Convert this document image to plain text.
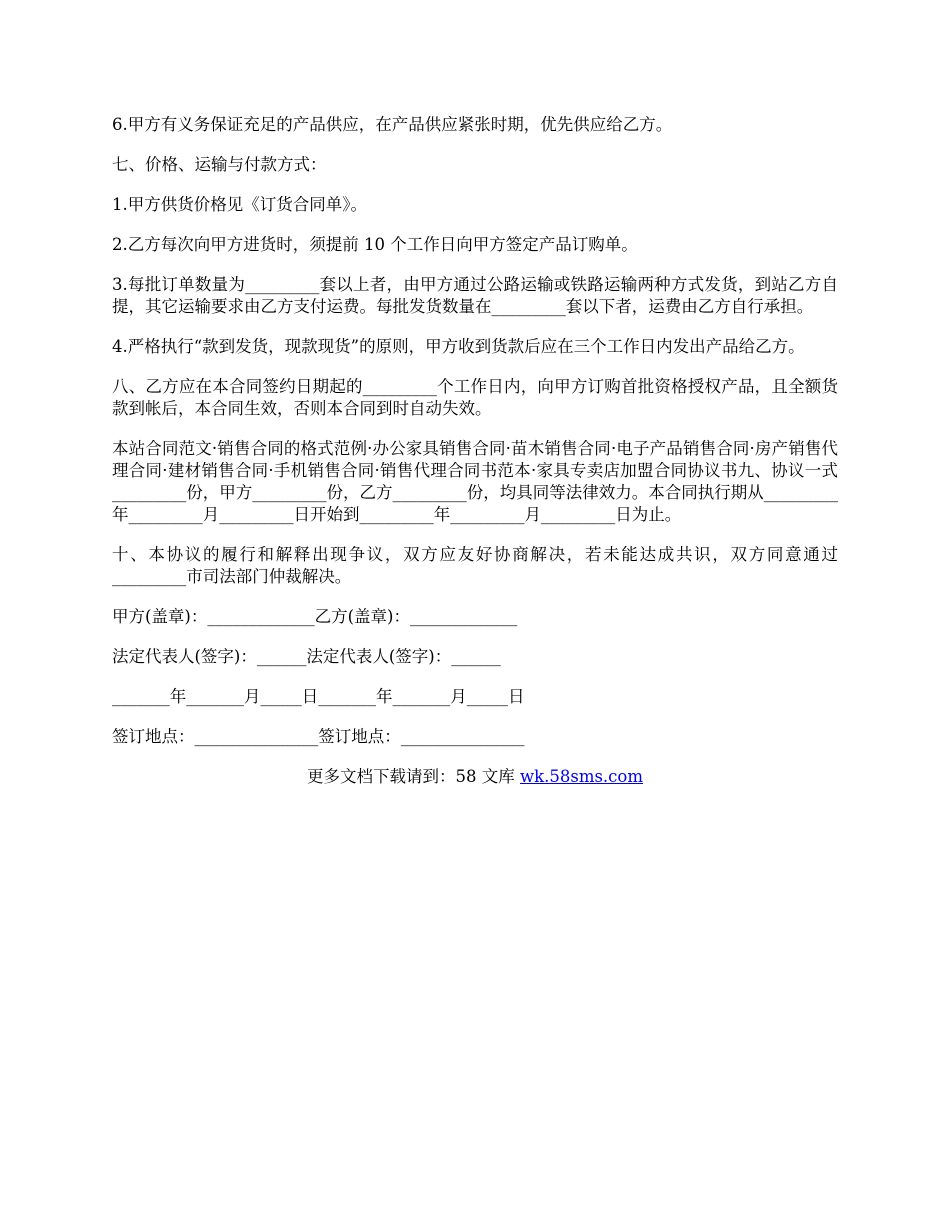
6.甲方有义务保证充足的产品供应，在产品供应紧张时期，优先供应给乙方。

七、价格、运输与付款方式：

1.甲方供货价格见《订货合同单》。

2.乙方每次向甲方进货时，须提前 10 个工作日向甲方签定产品订购单。

3.每批订单数量为_________套以上者，由甲方通过公路运输或铁路运输两种方式发货，到站乙方自提，其它运输要求由乙方支付运费。每批发货数量在_________套以下者，运费由乙方自行承担。

4.严格执行“款到发货，现款现货”的原则，甲方收到货款后应在三个工作日内发出产品给乙方。

八、乙方应在本合同签约日期起的_________个工作日内，向甲方订购首批资格授权产品，且全额货款到帐后，本合同生效，否则本合同到时自动失效。

本站合同范文·销售合同的格式范例·办公家具销售合同·苗木销售合同·电子产品销售合同·房产销售代理合同·建材销售合同·手机销售合同·销售代理合同书范本·家具专卖店加盟合同协议书九、协议一式_________份，甲方_________份，乙方_________份，均具同等法律效力。本合同执行期从_________年_________月_________日开始到_________年_________月_________日为止。

十、本协议的履行和解释出现争议，双方应友好协商解决，若未能达成共识，双方同意通过_________市司法部门仲裁解决。

甲方(盖章)：_____________乙方(盖章)：_____________

法定代表人(签字)：______法定代表人(签字)：______

_______年_______月_____日_______年_______月_____日

签订地点：_______________签订地点：_______________

更多文档下载请到：58 文库 wk.58sms.com
